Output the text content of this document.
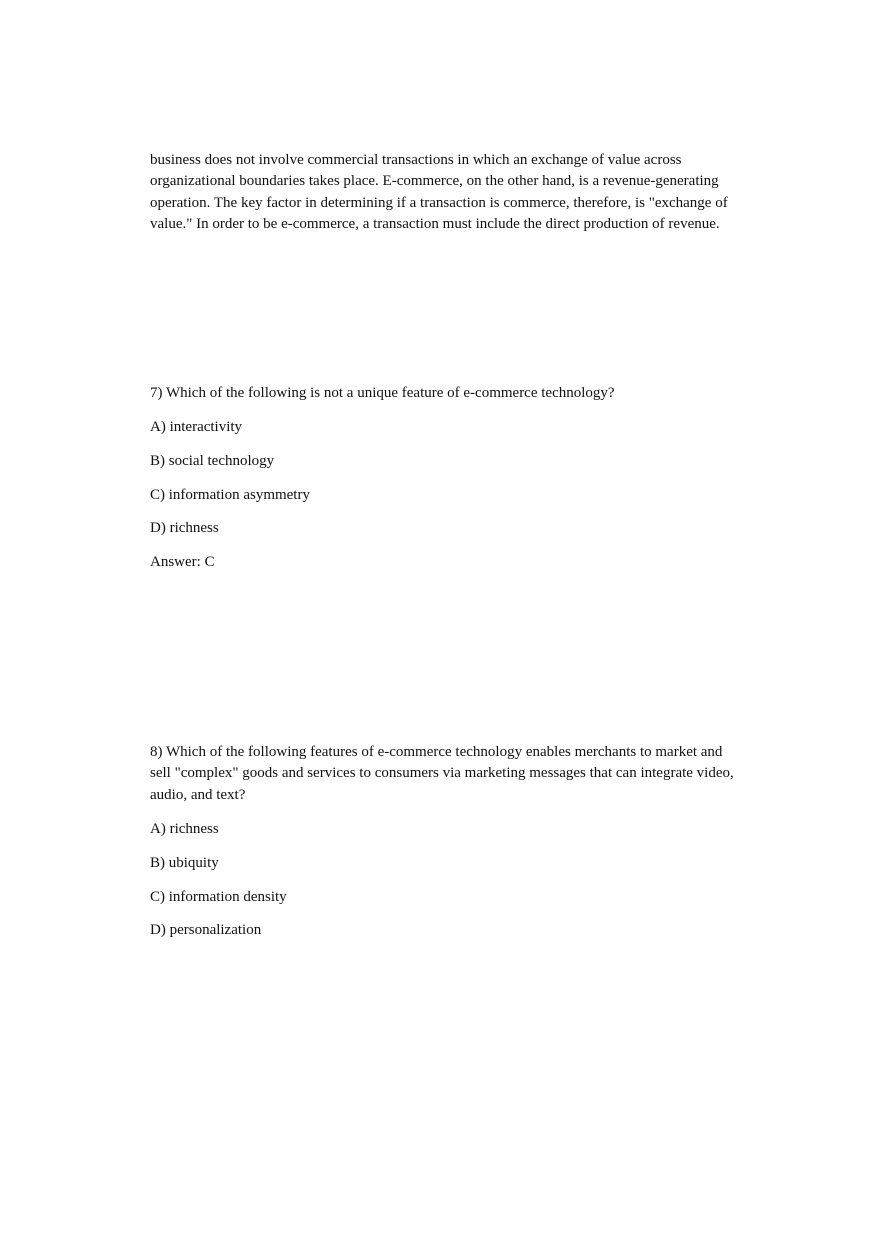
business does not involve commercial transactions in which an exchange of value across organizational boundaries takes place. E-commerce, on the other hand, is a revenue-generating operation. The key factor in determining if a transaction is commerce, therefore, is "exchange of value." In order to be e-commerce, a transaction must include the direct production of revenue.

7) Which of the following is not a unique feature of e-commerce technology?

A) interactivity

B) social technology

C) information asymmetry

D) richness

Answer: C

8) Which of the following features of e-commerce technology enables merchants to market and sell "complex" goods and services to consumers via marketing messages that can integrate video, audio, and text?

A) richness

B) ubiquity

C) information density

D) personalization
